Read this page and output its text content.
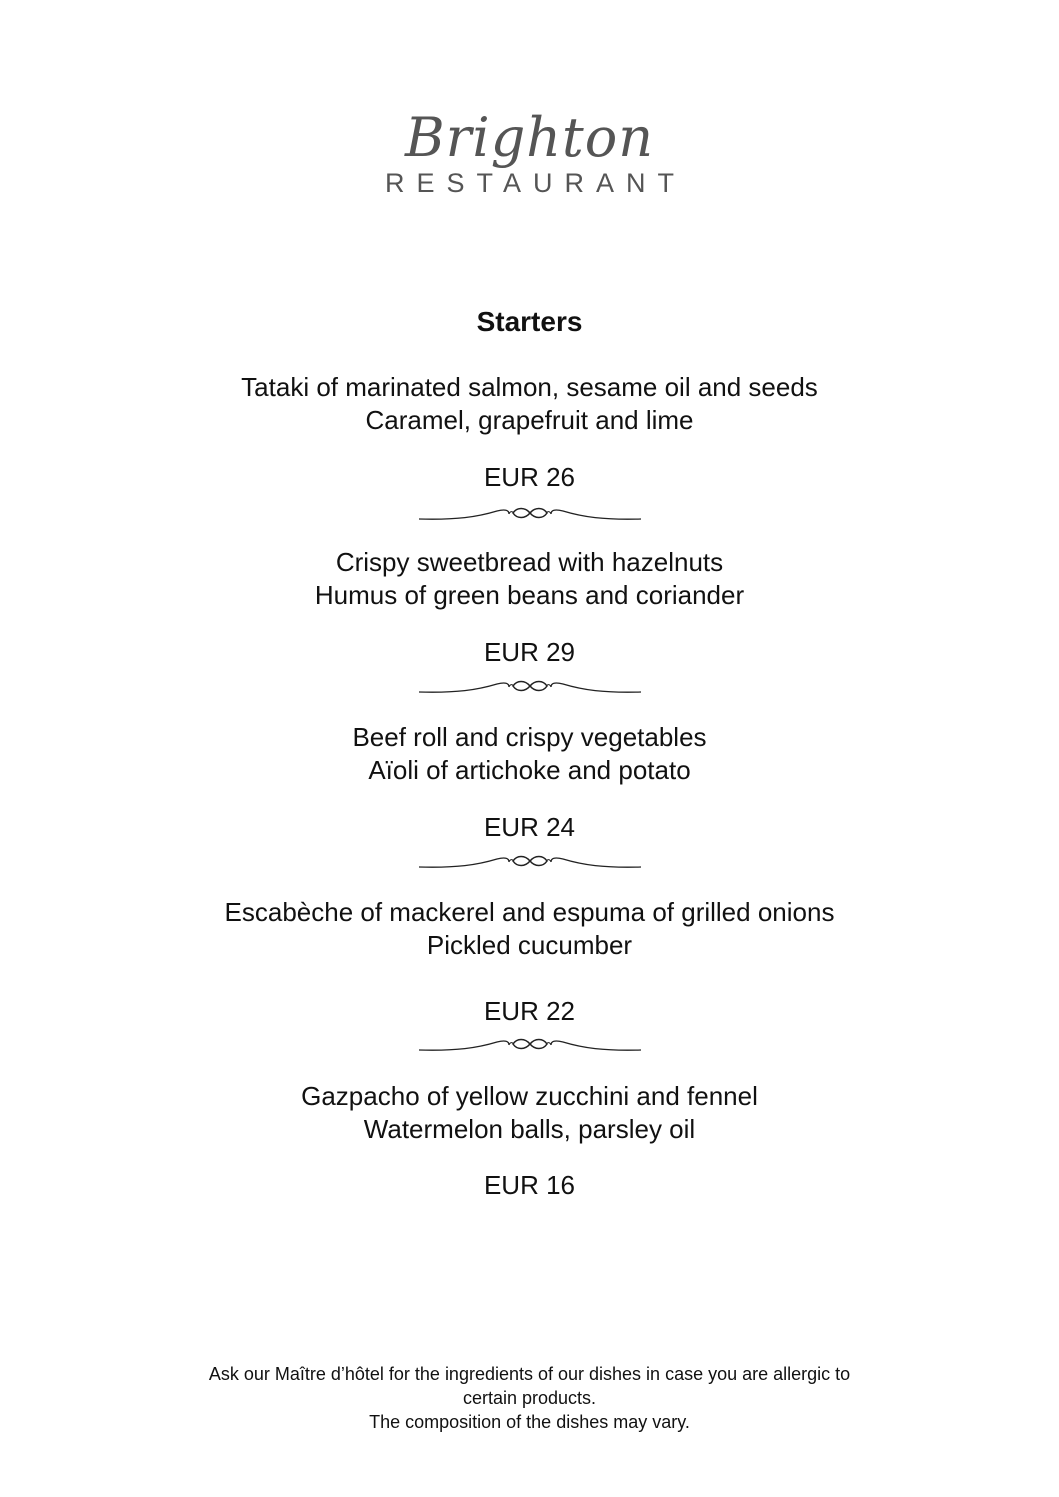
Brighton
RESTAURANT
Starters
Tataki of marinated salmon, sesame oil and seeds
Caramel, grapefruit and lime
EUR 26
Crispy sweetbread with hazelnuts
Humus of green beans and coriander
EUR 29
Beef roll and crispy vegetables
Aïoli of artichoke and potato
EUR 24
Escabèche of mackerel and espuma of grilled onions
Pickled cucumber
EUR 22
Gazpacho of yellow zucchini and fennel
Watermelon balls, parsley oil
EUR 16
Ask our Maître d’hôtel for the ingredients of our dishes in case you are allergic to
certain products.
The composition of the dishes may vary.
